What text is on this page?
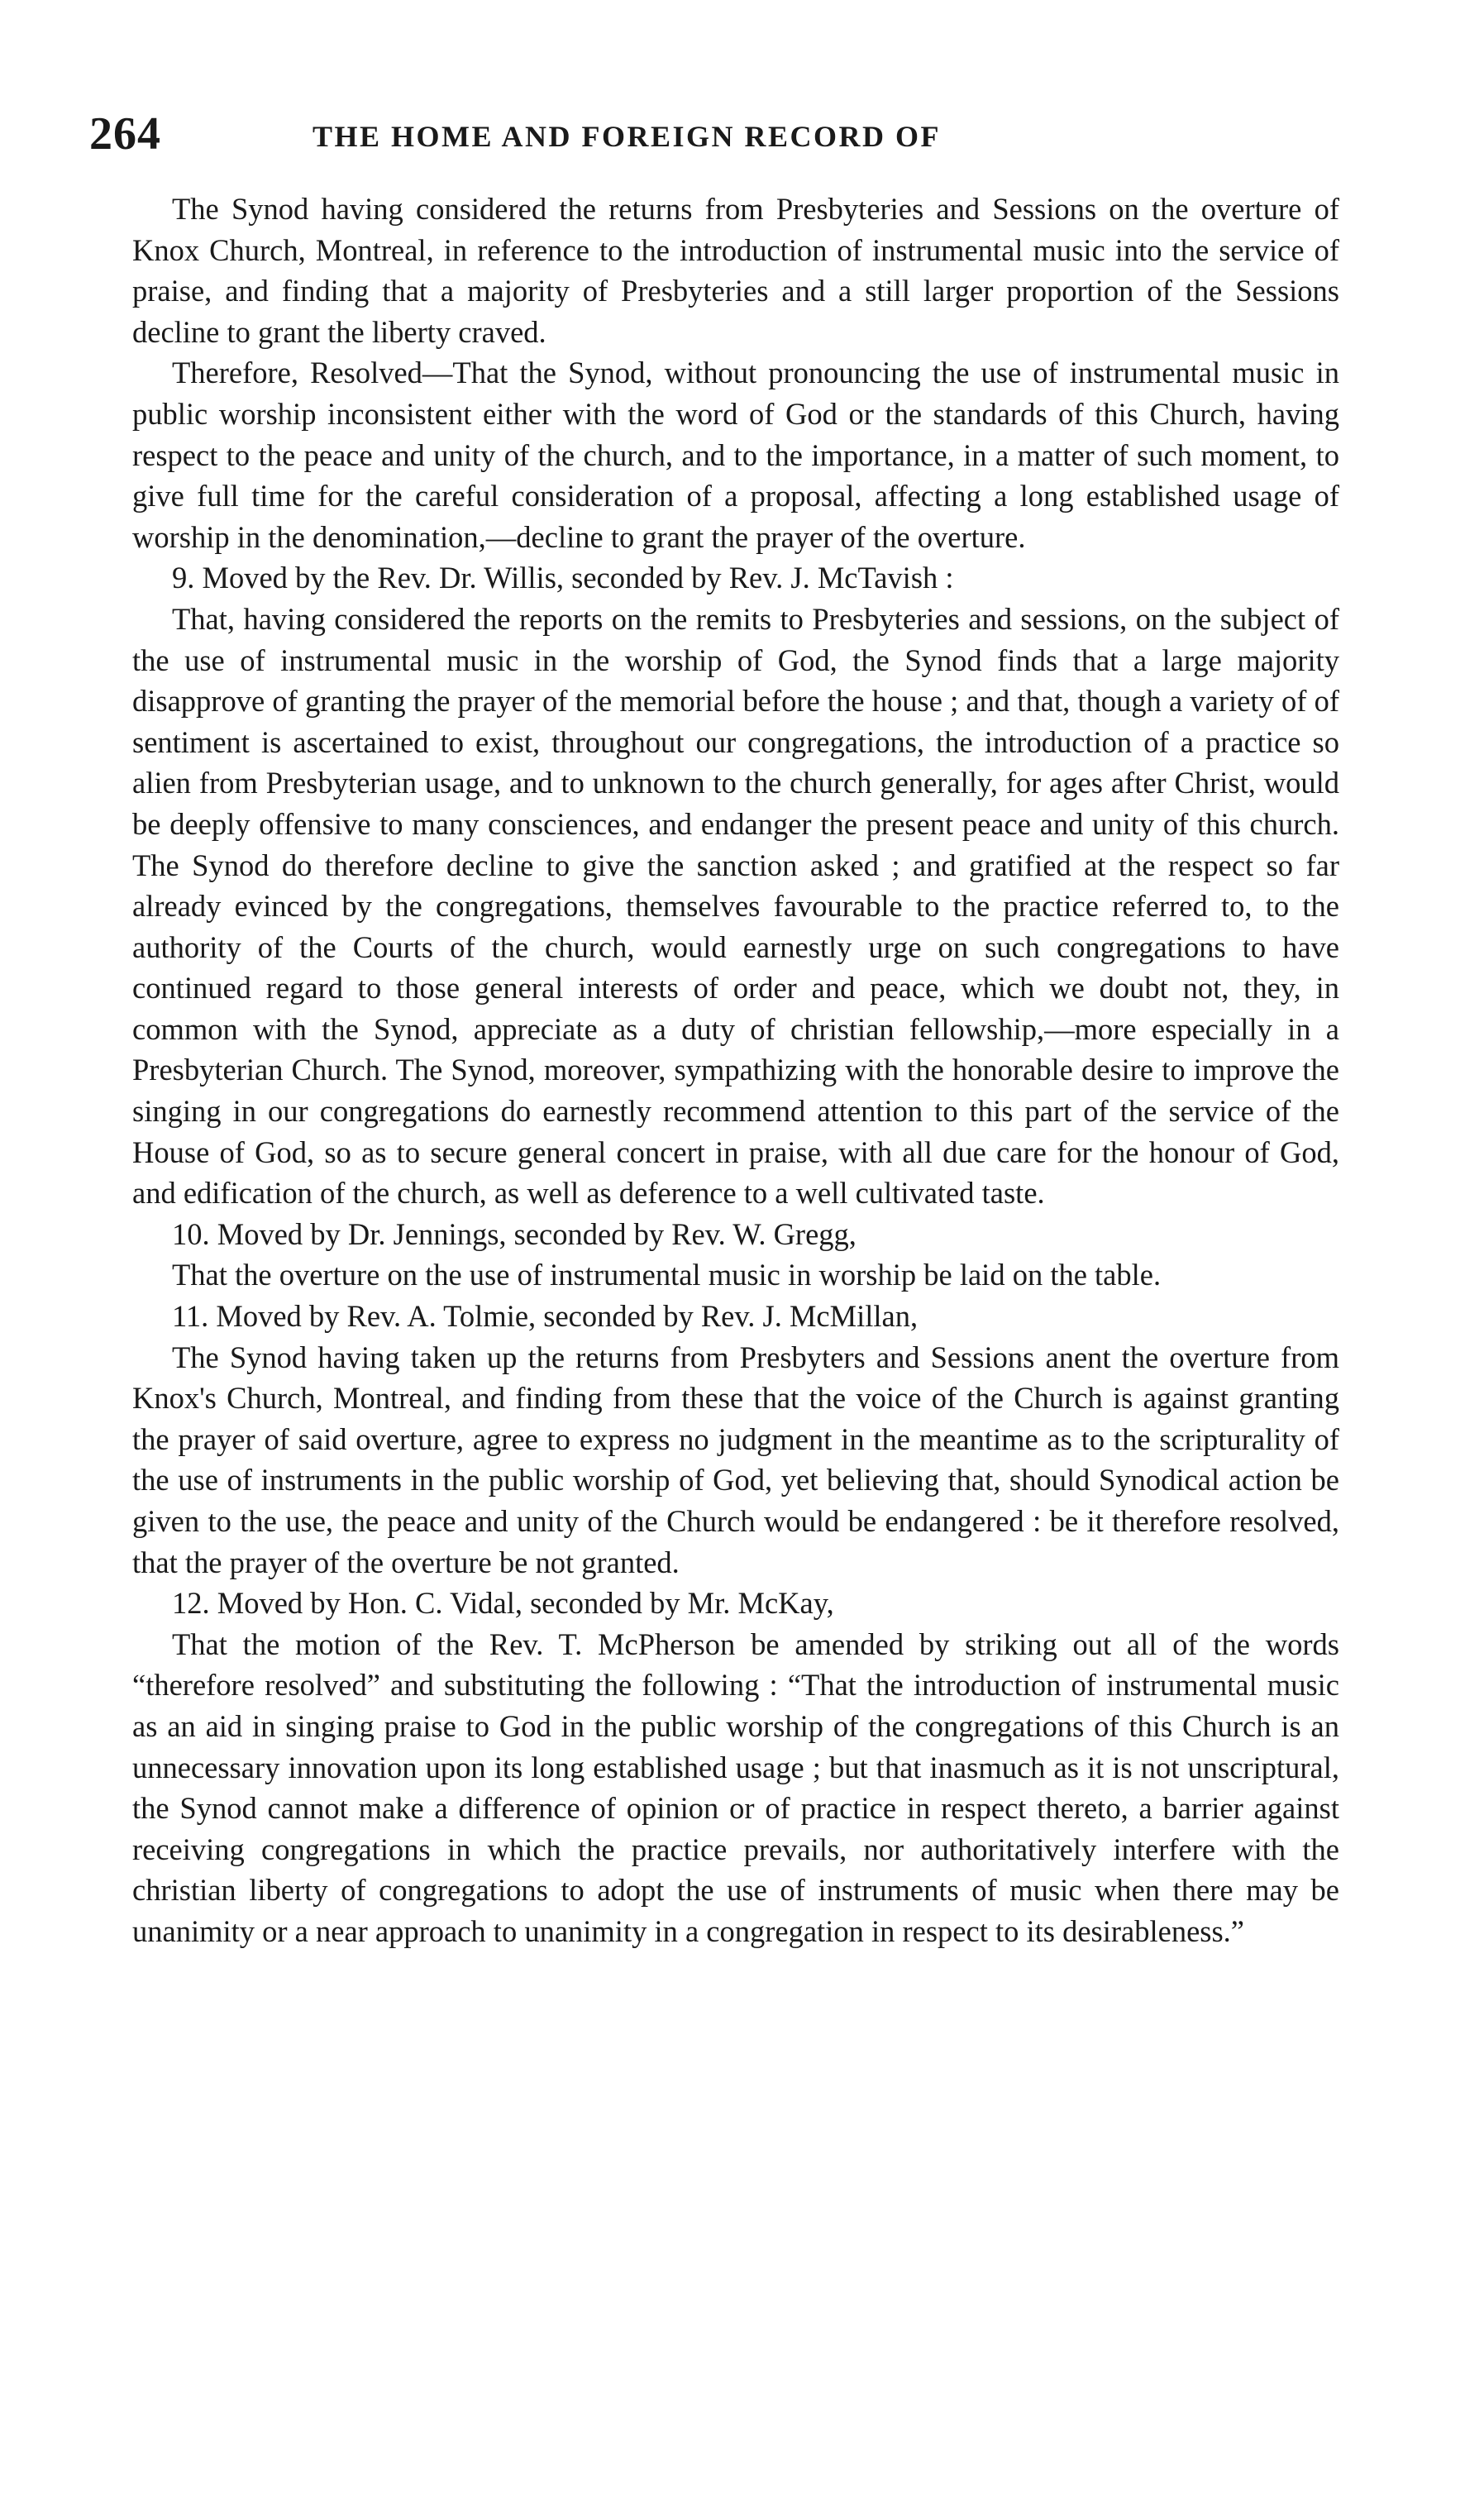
264	THE HOME AND FOREIGN RECORD OF

The Synod having considered the returns from Presbyteries and Sessions on the overture of Knox Church, Montreal, in reference to the introduction of instrumental music into the service of praise, and finding that a majority of Presbyteries and a still larger proportion of the Sessions decline to grant the liberty craved.

Therefore, Resolved—That the Synod, without pronouncing the use of instrumental music in public worship inconsistent either with the word of God or the standards of this Church, having respect to the peace and unity of the church, and to the importance, in a matter of such moment, to give full time for the careful consideration of a proposal, affecting a long established usage of worship in the denomination,—decline to grant the prayer of the overture.

9. Moved by the Rev. Dr. Willis, seconded by Rev. J. McTavish :

That, having considered the reports on the remits to Presbyteries and sessions, on the subject of the use of instrumental music in the worship of God, the Synod finds that a large majority disapprove of granting the prayer of the memorial before the house ; and that, though a variety of of sentiment is ascertained to exist, throughout our congregations, the introduction of a practice so alien from Presbyterian usage, and to unknown to the church generally, for ages after Christ, would be deeply offensive to many consciences, and endanger the present peace and unity of this church. The Synod do therefore decline to give the sanction asked ; and gratified at the respect so far already evinced by the congregations, themselves favourable to the practice referred to, to the authority of the Courts of the church, would earnestly urge on such congregations to have continued regard to those general interests of order and peace, which we doubt not, they, in common with the Synod, appreciate as a duty of christian fellowship,—more especially in a Presbyterian Church. The Synod, moreover, sympathizing with the honorable desire to improve the singing in our congregations do earnestly recommend attention to this part of the service of the House of God, so as to secure general concert in praise, with all due care for the honour of God, and edification of the church, as well as deference to a well cultivated taste.

10. Moved by Dr. Jennings, seconded by Rev. W. Gregg,

That the overture on the use of instrumental music in worship be laid on the table.

11. Moved by Rev. A. Tolmie, seconded by Rev. J. McMillan,

The Synod having taken up the returns from Presbyters and Sessions anent the overture from Knox's Church, Montreal, and finding from these that the voice of the Church is against granting the prayer of said overture, agree to express no judgment in the meantime as to the scripturality of the use of instruments in the public worship of God, yet believing that, should Synodical action be given to the use, the peace and unity of the Church would be endangered : be it therefore resolved, that the prayer of the overture be not granted.

12. Moved by Hon. C. Vidal, seconded by Mr. McKay,

That the motion of the Rev. T. McPherson be amended by striking out all of the words “therefore resolved” and substituting the following : “That the introduction of instrumental music as an aid in singing praise to God in the public worship of the congregations of this Church is an unnecessary innovation upon its long established usage ; but that inasmuch as it is not unscriptural, the Synod cannot make a difference of opinion or of practice in respect thereto, a barrier against receiving congregations in which the practice prevails, nor authoritatively interfere with the christian liberty of congregations to adopt the use of instruments of music when there may be unanimity or a near approach to unanimity in a congregation in respect to its desirableness.”
